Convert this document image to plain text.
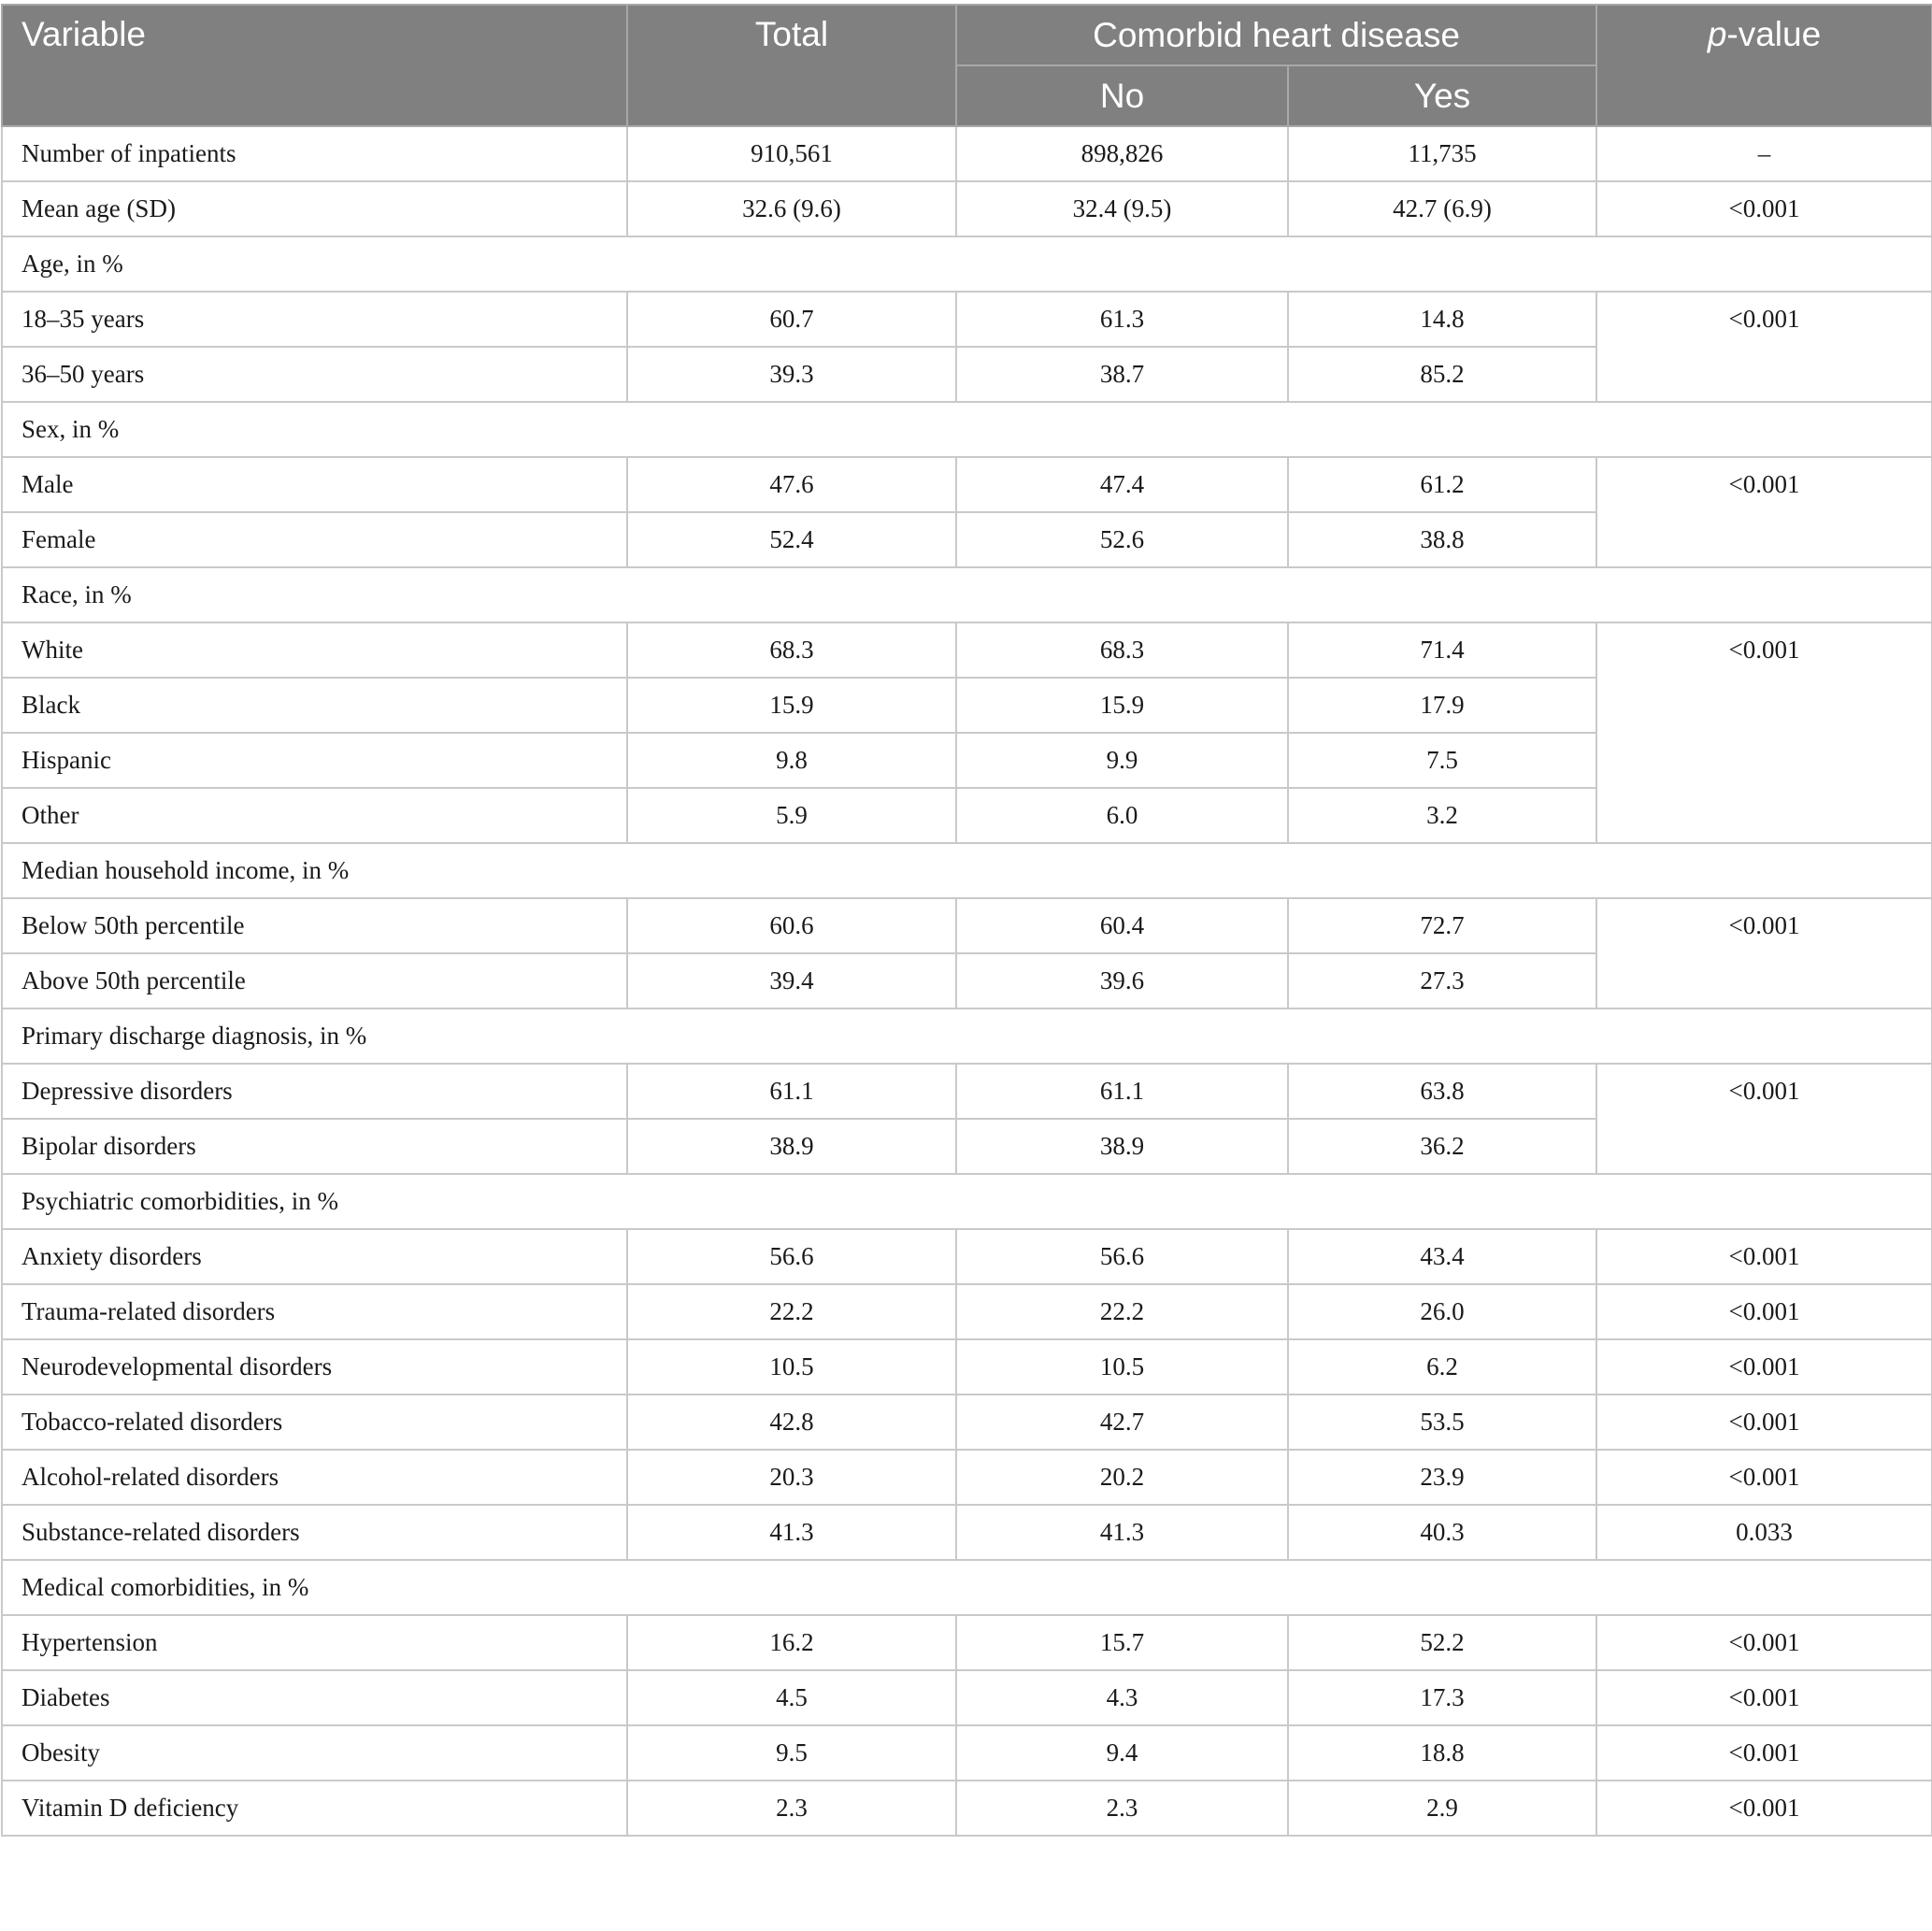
Variable	Total	Comorbid heart disease		p-value
		No	Yes	
Number of inpatients	910,561	898,826	11,735	–
Mean age (SD)	32.6 (9.6)	32.4 (9.5)	42.7 (6.9)	<0.001
Age, in %				
18–35 years	60.7	61.3	14.8	<0.001
36–50 years	39.3	38.7	85.2	
Sex, in %				
Male	47.6	47.4	61.2	<0.001
Female	52.4	52.6	38.8	
Race, in %				
White	68.3	68.3	71.4	<0.001
Black	15.9	15.9	17.9	
Hispanic	9.8	9.9	7.5	
Other	5.9	6.0	3.2	
Median household income, in %				
Below 50th percentile	60.6	60.4	72.7	<0.001
Above 50th percentile	39.4	39.6	27.3	
Primary discharge diagnosis, in %				
Depressive disorders	61.1	61.1	63.8	<0.001
Bipolar disorders	38.9	38.9	36.2	
Psychiatric comorbidities, in %				
Anxiety disorders	56.6	56.6	43.4	<0.001
Trauma-related disorders	22.2	22.2	26.0	<0.001
Neurodevelopmental disorders	10.5	10.5	6.2	<0.001
Tobacco-related disorders	42.8	42.7	53.5	<0.001
Alcohol-related disorders	20.3	20.2	23.9	<0.001
Substance-related disorders	41.3	41.3	40.3	0.033
Medical comorbidities, in %				
Hypertension	16.2	15.7	52.2	<0.001
Diabetes	4.5	4.3	17.3	<0.001
Obesity	9.5	9.4	18.8	<0.001
Vitamin D deficiency	2.3	2.3	2.9	<0.001
